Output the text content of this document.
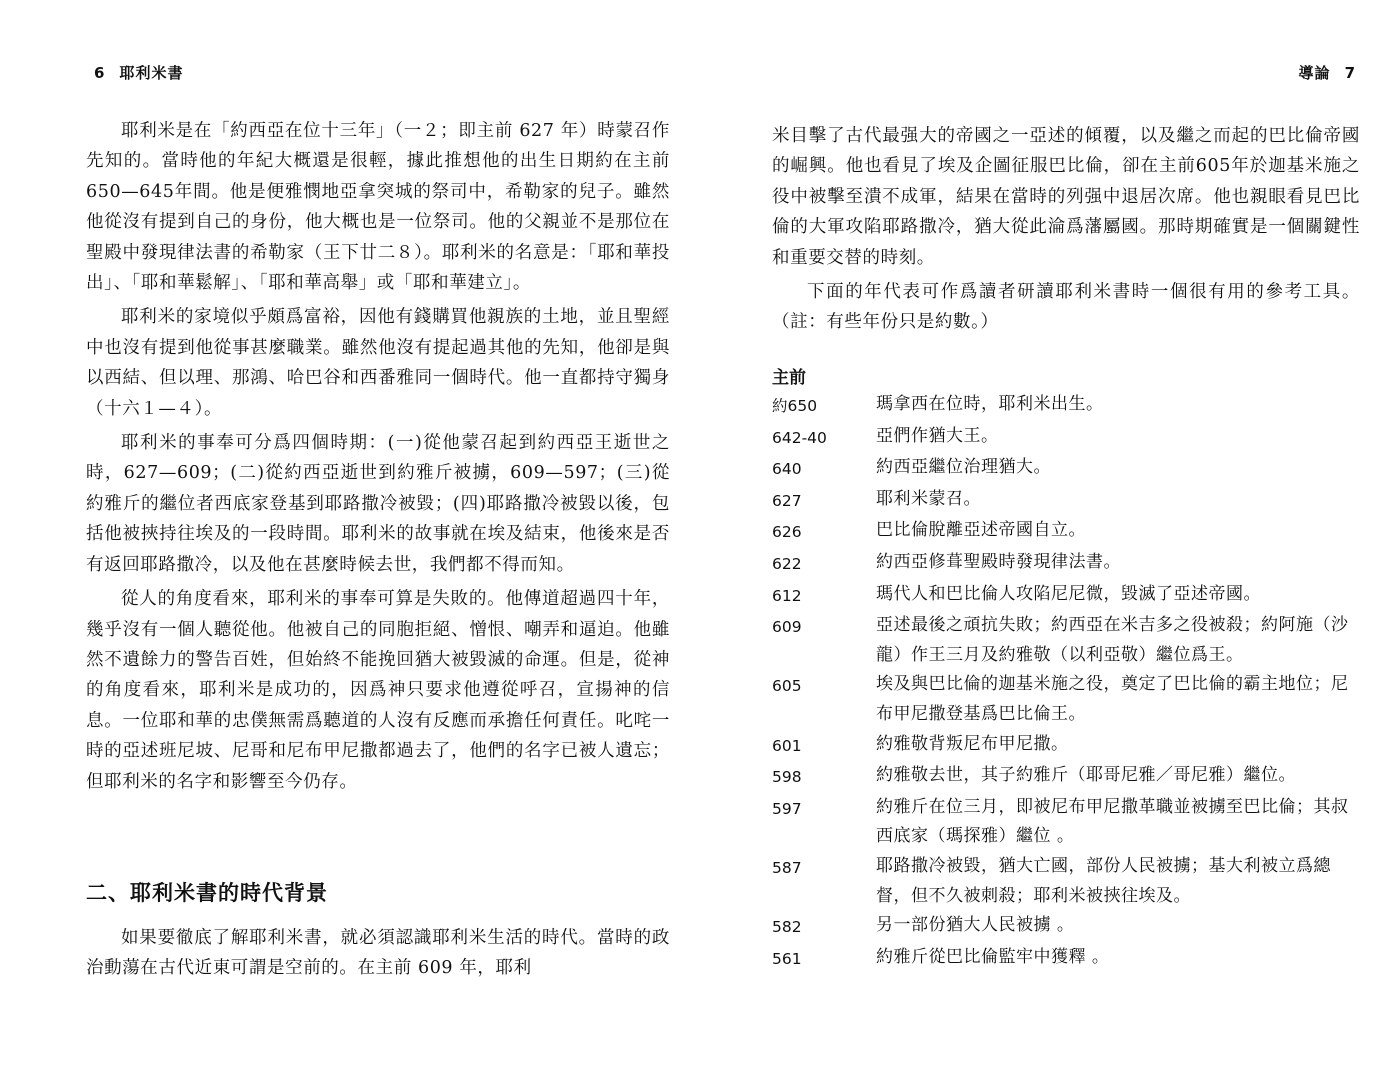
6 耶利米書

耶利米是在「約西亞在位十三年」（一２；即主前 627 年）時蒙召作先知的。當時他的年紀大概還是很輕，據此推想他的出生日期約在主前650—645年間。他是便雅憫地亞拿突城的祭司中，希勒家的兒子。雖然他從沒有提到自己的身份，他大概也是一位祭司。他的父親並不是那位在聖殿中發現律法書的希勒家（王下廿二８）。耶利米的名意是：「耶和華投出」、「耶和華鬆解」、「耶和華高舉」或「耶和華建立」。

耶利米的家境似乎頗爲富裕，因他有錢購買他親族的土地，並且聖經中也沒有提到他從事甚麼職業。雖然他沒有提起過其他的先知，他卻是與以西結、但以理、那鴻、哈巴谷和西番雅同一個時代。他一直都持守獨身（十六１—４）。

耶利米的事奉可分爲四個時期：(一)從他蒙召起到約西亞王逝世之時，627—609；(二)從約西亞逝世到約雅斤被擄，609—597；(三)從約雅斤的繼位者西底家登基到耶路撒冷被毀；(四)耶路撒冷被毀以後，包括他被挾持往埃及的一段時間。耶利米的故事就在埃及結束，他後來是否有返回耶路撒冷，以及他在甚麼時候去世，我們都不得而知。

從人的角度看來，耶利米的事奉可算是失敗的。他傳道超過四十年，幾乎沒有一個人聽從他。他被自己的同胞拒絕、憎恨、嘲弄和逼迫。他雖然不遺餘力的警告百姓，但始終不能挽回猶大被毀滅的命運。但是，從神的角度看來，耶利米是成功的，因爲神只要求他遵從呼召，宣揚神的信息。一位耶和華的忠僕無需爲聽道的人沒有反應而承擔任何責任。叱咤一時的亞述班尼坡、尼哥和尼布甲尼撒都過去了，他們的名字已被人遺忘；但耶利米的名字和影響至今仍存。

二、耶利米書的時代背景

如果要徹底了解耶利米書，就必須認識耶利米生活的時代。當時的政治動蕩在古代近東可謂是空前的。在主前 609 年，耶利

導論 7

米目擊了古代最强大的帝國之一亞述的傾覆，以及繼之而起的巴比倫帝國的崛興。他也看見了埃及企圖征服巴比倫，卻在主前605年於迦基米施之役中被擊至潰不成軍，結果在當時的列强中退居次席。他也親眼看見巴比倫的大軍攻陷耶路撒冷，猶大從此淪爲藩屬國。那時期確實是一個關鍵性和重要交替的時刻。

下面的年代表可作爲讀者研讀耶利米書時一個很有用的參考工具。（註：有些年份只是約數。）

主前
約650	瑪拿西在位時，耶利米出生。
642-40	亞們作猶大王。
640	約西亞繼位治理猶大。
627	耶利米蒙召。
626	巴比倫脫離亞述帝國自立。
622	約西亞修葺聖殿時發現律法書。
612	瑪代人和巴比倫人攻陷尼尼微，毀滅了亞述帝國。
609	亞述最後之頑抗失敗；約西亞在米吉多之役被殺；約阿施（沙龍）作王三月及約雅敬（以利亞敬）繼位爲王。
605	埃及與巴比倫的迦基米施之役，奠定了巴比倫的霸主地位；尼布甲尼撒登基爲巴比倫王。
601	約雅敬背叛尼布甲尼撒。
598	約雅敬去世，其子約雅斤（耶哥尼雅／哥尼雅）繼位。
597	約雅斤在位三月，即被尼布甲尼撒革職並被擄至巴比倫；其叔西底家（瑪探雅）繼位 。
587	耶路撒冷被毀，猶大亡國，部份人民被擄；基大利被立爲總督，但不久被刺殺；耶利米被挾往埃及。
582	另一部份猶大人民被擄 。
561	約雅斤從巴比倫監牢中獲釋 。
